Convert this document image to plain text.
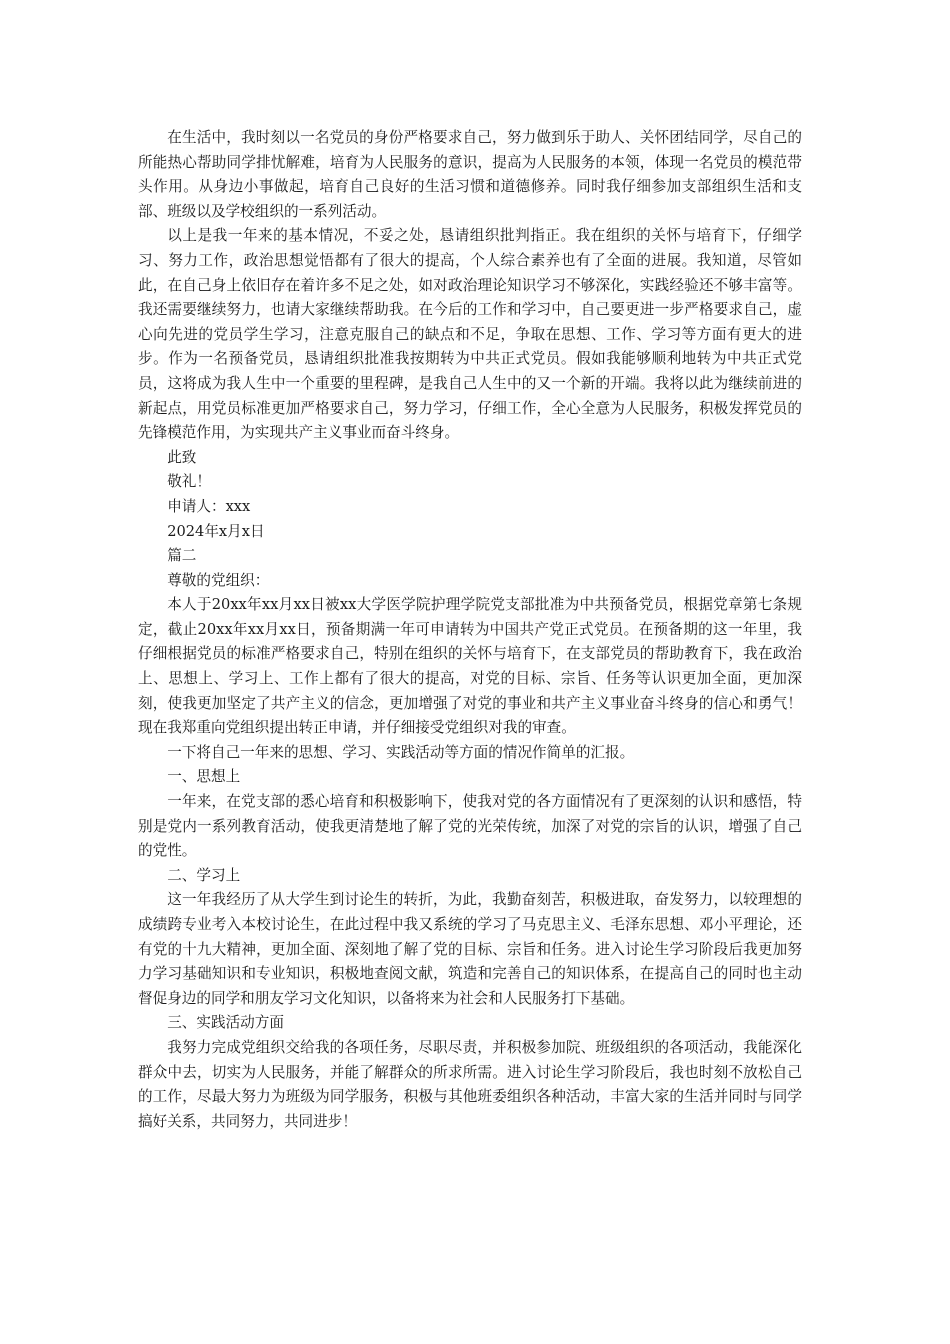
在生活中，我时刻以一名党员的身份严格要求自己，努力做到乐于助人、关怀团结同学，尽自己的所能热心帮助同学排忧解难，培育为人民服务的意识，提高为人民服务的本领，体现一名党员的模范带头作用。从身边小事做起，培育自己良好的生活习惯和道德修养。同时我仔细参加支部组织生活和支部、班级以及学校组织的一系列活动。

以上是我一年来的基本情况，不妥之处，恳请组织批判指正。我在组织的关怀与培育下，仔细学习、努力工作，政治思想觉悟都有了很大的提高，个人综合素养也有了全面的进展。我知道，尽管如此，在自己身上依旧存在着许多不足之处，如对政治理论知识学习不够深化，实践经验还不够丰富等。我还需要继续努力，也请大家继续帮助我。在今后的工作和学习中，自己要更进一步严格要求自己，虚心向先进的党员学生学习，注意克服自己的缺点和不足，争取在思想、工作、学习等方面有更大的进步。作为一名预备党员，恳请组织批准我按期转为中共正式党员。假如我能够顺利地转为中共正式党员，这将成为我人生中一个重要的里程碑，是我自己人生中的又一个新的开端。我将以此为继续前进的新起点，用党员标准更加严格要求自己，努力学习，仔细工作，全心全意为人民服务，积极发挥党员的先锋模范作用，为实现共产主义事业而奋斗终身。

此致

敬礼！

申请人：xxx

2024年x月x日

篇二

尊敬的党组织：

本人于20xx年xx月xx日被xx大学医学院护理学院党支部批准为中共预备党员，根据党章第七条规定，截止20xx年xx月xx日，预备期满一年可申请转为中国共产党正式党员。在预备期的这一年里，我仔细根据党员的标准严格要求自己，特别在组织的关怀与培育下，在支部党员的帮助教育下，我在政治上、思想上、学习上、工作上都有了很大的提高，对党的目标、宗旨、任务等认识更加全面，更加深刻，使我更加坚定了共产主义的信念，更加增强了对党的事业和共产主义事业奋斗终身的信心和勇气！现在我郑重向党组织提出转正申请，并仔细接受党组织对我的审查。

一下将自己一年来的思想、学习、实践活动等方面的情况作简单的汇报。

一、思想上

一年来，在党支部的悉心培育和积极影响下，使我对党的各方面情况有了更深刻的认识和感悟，特别是党内一系列教育活动，使我更清楚地了解了党的光荣传统，加深了对党的宗旨的认识，增强了自己的党性。

二、学习上

这一年我经历了从大学生到讨论生的转折，为此，我勤奋刻苦，积极进取，奋发努力，以较理想的成绩跨专业考入本校讨论生，在此过程中我又系统的学习了马克思主义、毛泽东思想、邓小平理论，还有党的十九大精神，更加全面、深刻地了解了党的目标、宗旨和任务。进入讨论生学习阶段后我更加努力学习基础知识和专业知识，积极地查阅文献，筑造和完善自己的知识体系，在提高自己的同时也主动督促身边的同学和朋友学习文化知识，以备将来为社会和人民服务打下基础。

三、实践活动方面

我努力完成党组织交给我的各项任务，尽职尽责，并积极参加院、班级组织的各项活动，我能深化群众中去，切实为人民服务，并能了解群众的所求所需。进入讨论生学习阶段后，我也时刻不放松自己的工作，尽最大努力为班级为同学服务，积极与其他班委组织各种活动，丰富大家的生活并同时与同学搞好关系，共同努力，共同进步！
